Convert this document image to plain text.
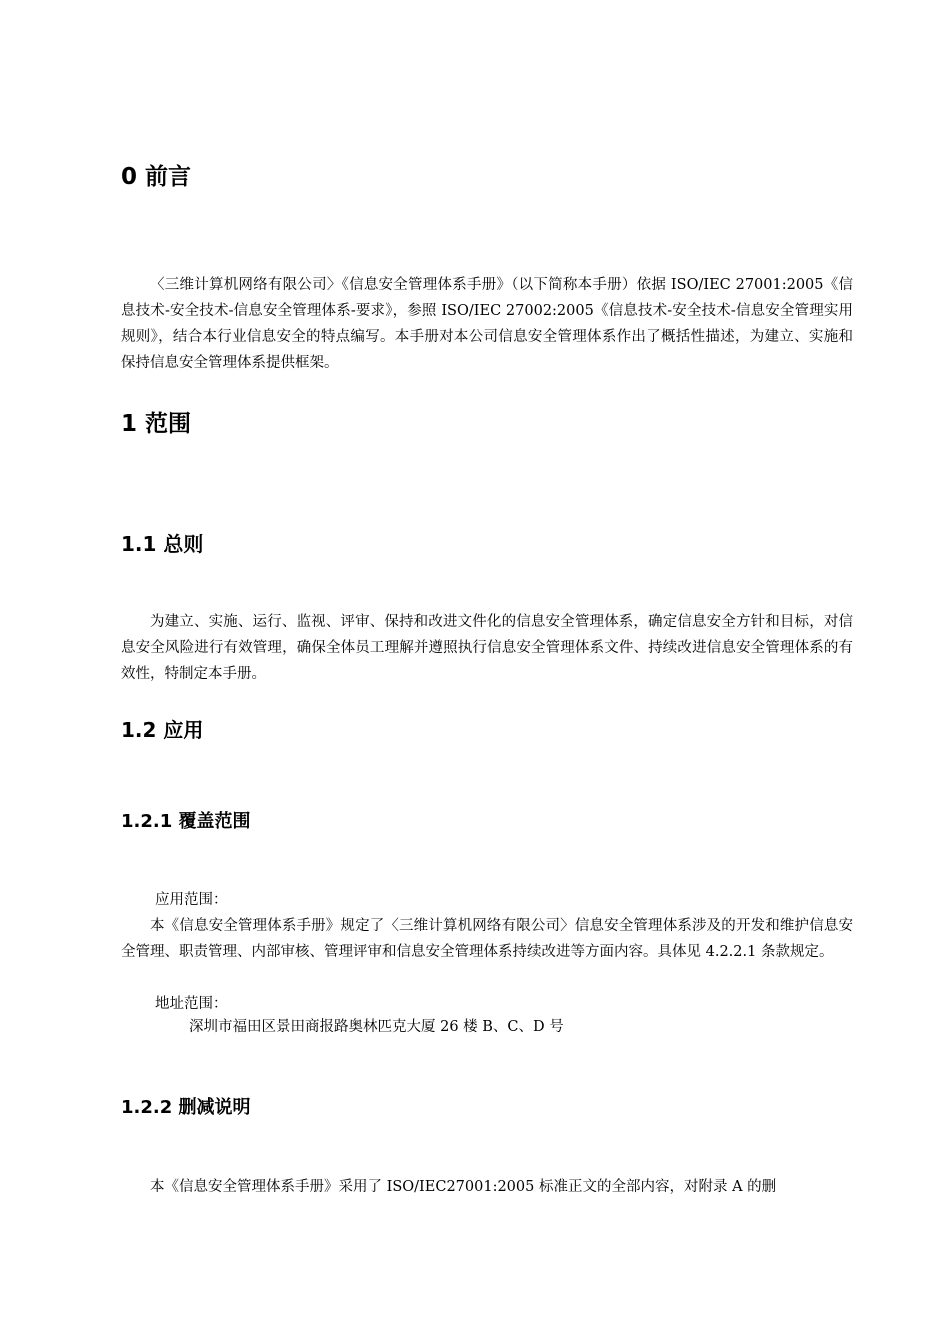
0 前言

〈三维计算机网络有限公司〉《信息安全管理体系手册》（以下简称本手册）依据 ISO/IEC 27001:2005《信息技术-安全技术-信息安全管理体系-要求》，参照 ISO/IEC 27002:2005《信息技术-安全技术-信息安全管理实用规则》，结合本行业信息安全的特点编写。本手册对本公司信息安全管理体系作出了概括性描述，为建立、实施和保持信息安全管理体系提供框架。

1 范围
1.1 总则

为建立、实施、运行、监视、评审、保持和改进文件化的信息安全管理体系，确定信息安全方针和目标，对信息安全风险进行有效管理，确保全体员工理解并遵照执行信息安全管理体系文件、持续改进信息安全管理体系的有效性，特制定本手册。

1.2 应用
1.2.1 覆盖范围

应用范围：

本《信息安全管理体系手册》规定了〈三维计算机网络有限公司〉信息安全管理体系涉及的开发和维护信息安全管理、职责管理、内部审核、管理评审和信息安全管理体系持续改进等方面内容。具体见 4.2.2.1 条款规定。

地址范围：

深圳市福田区景田商报路奥林匹克大厦 26 楼 B、C、D 号

1.2.2 删减说明

本《信息安全管理体系手册》采用了 ISO/IEC27001:2005 标准正文的全部内容，对附录 A 的删
